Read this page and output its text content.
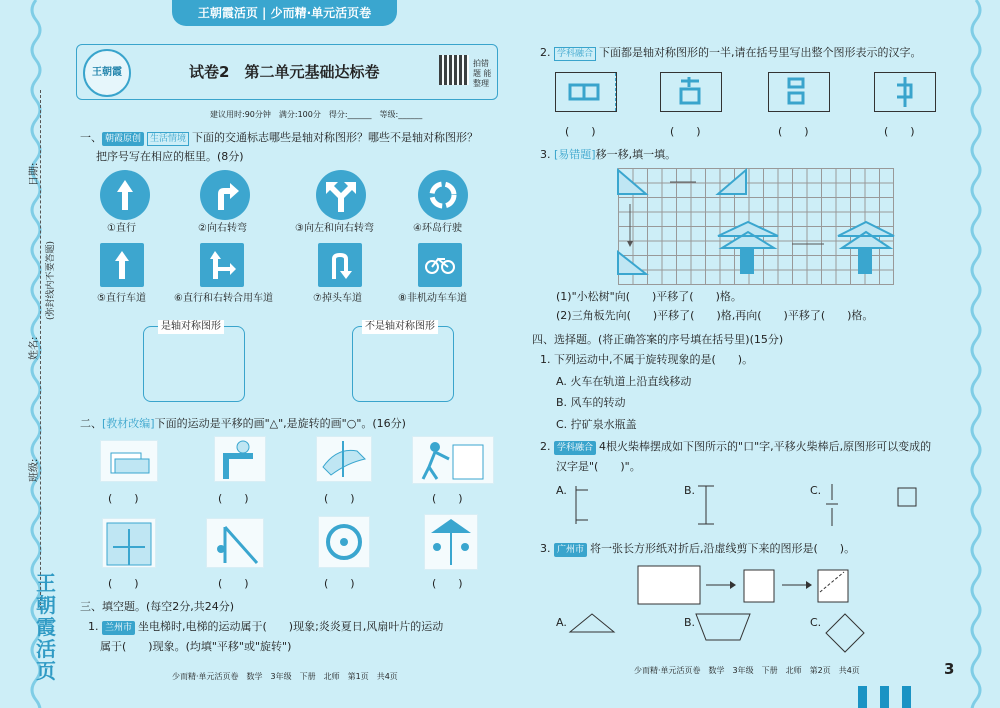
王朝霞活页 | 少而精·单元活页卷
日期:
(弥封线内不要答题)
姓名:
班级:
王
朝
霞
活
页
王朝霞	试卷2　 第二单元基础达标卷	拍错题 能整理
建议用时:90分钟　 满分:100分　 得分:______　等级:______
一、 朝霞原创 生活情境 下面的交通标志哪些是轴对称图形？哪些不是轴对称图形？
把序号写在相应的框里。(8分)
①直行	②向右转弯	③向左和向右转弯	④环岛行驶
⑤直行车道	⑥直行和右转合用车道	⑦掉头车道	⑧非机动车车道
是轴对称图形	不是轴对称图形
二、[教材改编]下面的运动是平移的画"△",是旋转的画"○"。(16分)
(　　)	(　　)	(　　)	(　　)
(　　)	(　　)	(　　)	(　　)
三、填空题。(每空2分,共24分)
1. 兰州市 坐电梯时,电梯的运动属于(　　)现象;炎炎夏日,风扇叶片的运动
属于(　　)现象。(均填"平移"或"旋转")
少而精·单元活页卷　数学　3年级　下册　北师　第1页　共4页
2. 学科融合 下面都是轴对称图形的一半,请在括号里写出整个图形表示的汉字。
(　　)	(　　)	(　　)	(　　)
3. [易错题]移一移,填一填。
(1)"小松树"向(　　)平移了(　　)格。
(2)三角板先向(　　)平移了(　　)格,再向(　　)平移了(　　)格。
四、选择题。(将正确答案的序号填在括号里)(15分)
1. 下列运动中,不属于旋转现象的是(　　)。
A. 火车在轨道上沿直线移动
B. 风车的转动
C. 拧矿泉水瓶盖
2. 学科融合 4根火柴棒摆成如下图所示的"口"字,平移火柴棒后,原图形可以变成的
汉字是"(　　)"。
A.	B.	C.
3. 广州市 将一张长方形纸对折后,沿虚线剪下来的图形是(　　)。
A.	B.	C.
少而精·单元活页卷　数学　3年级　下册　北师　第2页　共4页	3
